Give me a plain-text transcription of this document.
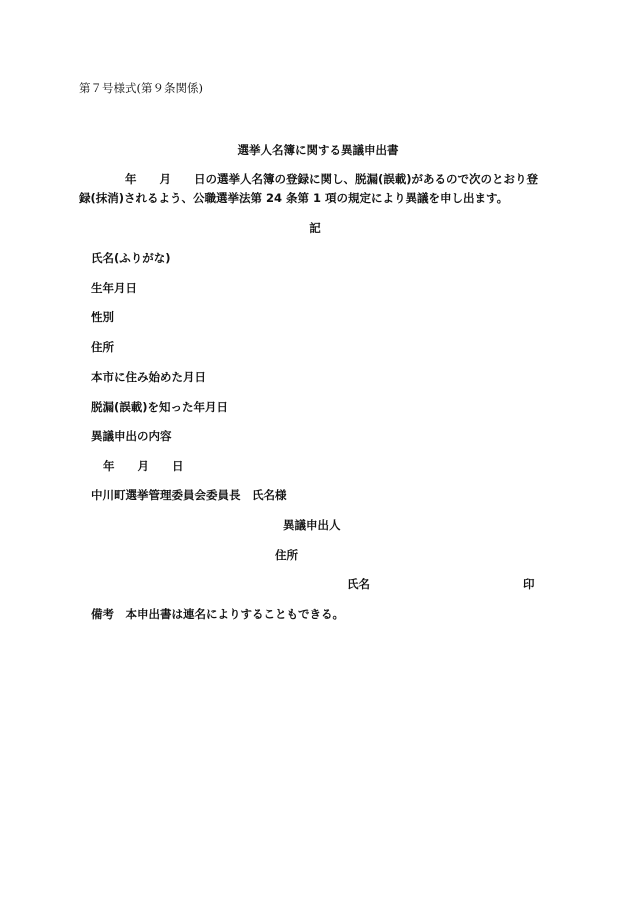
第７号様式(第９条関係)
選挙人名簿に関する異議申出書
　　　　年　　月　　日の選挙人名簿の登録に関し、脱漏(誤載)があるので次のとおり登
録(抹消)されるよう、公職選挙法第 24 条第 1 項の規定により異議を申し出ます。
記
氏名(ふりがな)
生年月日
性別
住所
本市に住み始めた月日
脱漏(誤載)を知った年月日
異議申出の内容
年　　月　　日
中川町選挙管理委員会委員長　氏名様
異議申出人
住所
氏名	印
備考　本申出書は連名によりすることもできる。
